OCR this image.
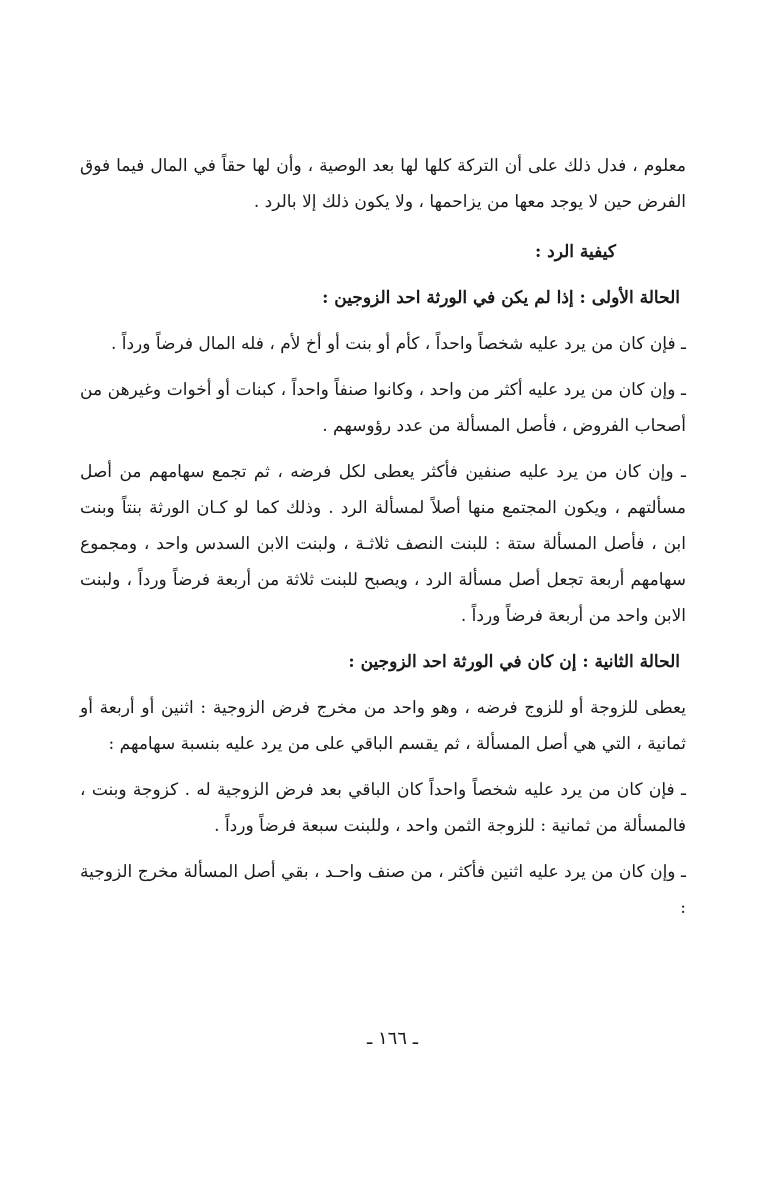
معلوم ، فدل ذلك على أن التركة كلها لها بعد الوصية ، وأن لها حقاً في المال فيما فوق الفرض حين لا يوجد معها من يزاحمها ، ولا يكون ذلك إلا بالرد .

كيفية الرد :

الحالة الأولى : إذا لم يكن في الورثة احد الزوجين :

ـ فإن كان من يرد عليه شخصاً واحداً ، كأم أو بنت أو أخ لأم ، فله المال فرضاً ورداً .

ـ وإن كان من يرد عليه أكثر من واحد ، وكانوا صنفاً واحداً ، كبنات أو أخوات وغيرهن من أصحاب الفروض ، فأصل المسألة من عدد رؤوسهم .

ـ وإن كان من يرد عليه صنفين فأكثر يعطى لكل فرضه ، ثم تجمع سهامهم من أصل مسألتهم ، ويكون المجتمع منها أصلاً لمسألة الرد . وذلك كما لو كـان الورثة بنتاً وبنت ابن ، فأصل المسألة ستة : للبنت النصف ثلاثـة ، ولبنت الابن السدس واحد ، ومجموع سهامهم أربعة تجعل أصل مسألة الرد ، ويصبح للبنت ثلاثة من أربعة فرضاً ورداً ، ولبنت الابن واحد من أربعة فرضاً ورداً .

الحالة الثانية : إن كان في الورثة احد الزوجين :

يعطى للزوجة أو للزوج فرضه ، وهو واحد من مخرج فرض الزوجية : اثنين أو أربعة أو ثمانية ، التي هي أصل المسألة ، ثم يقسم الباقي على من يرد عليه بنسبة سهامهم :

ـ فإن كان من يرد عليه شخصاً واحداً كان الباقي بعد فرض الزوجية له . كزوجة وبنت ، فالمسألة من ثمانية : للزوجة الثمن واحد ، وللبنت سبعة فرضاً ورداً .

ـ وإن كان من يرد عليه اثنين فأكثر ، من صنف واحـد ، بقي أصل المسألة مخرج الزوجية :

ـ ١٦٦ ـ
